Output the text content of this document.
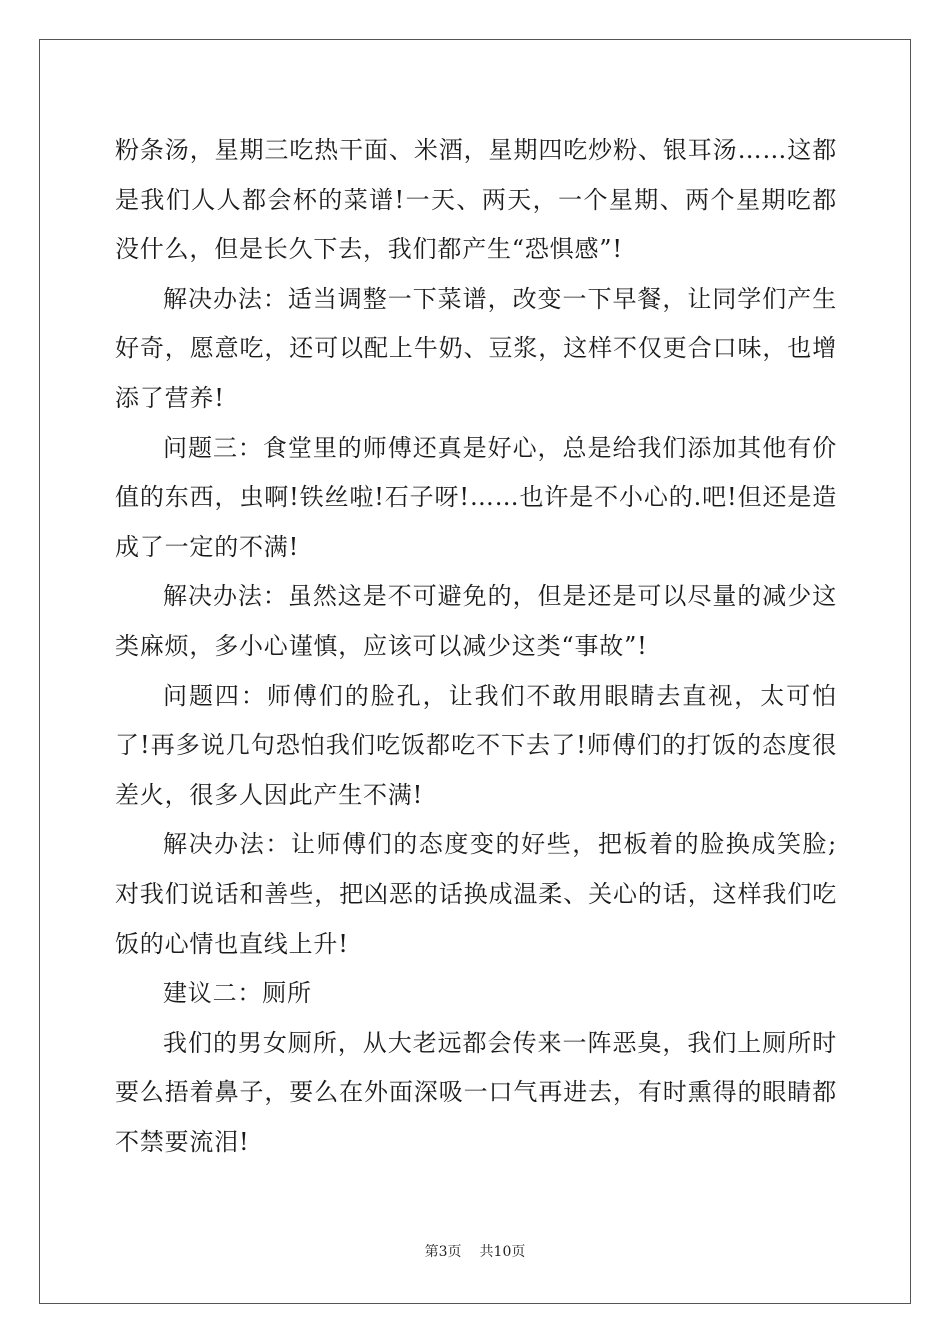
粉条汤，星期三吃热干面、米酒，星期四吃炒粉、银耳汤……这都是我们人人都会杯的菜谱!一天、两天，一个星期、两个星期吃都没什么，但是长久下去，我们都产生“恐惧感”!

解决办法：适当调整一下菜谱，改变一下早餐，让同学们产生好奇，愿意吃，还可以配上牛奶、豆浆，这样不仅更合口味，也增添了营养!

问题三：食堂里的师傅还真是好心，总是给我们添加其他有价值的东西，虫啊!铁丝啦!石子呀!……也许是不小心的.吧!但还是造成了一定的不满!

解决办法：虽然这是不可避免的，但是还是可以尽量的减少这类麻烦，多小心谨慎，应该可以减少这类“事故”!

问题四：师傅们的脸孔，让我们不敢用眼睛去直视，太可怕了!再多说几句恐怕我们吃饭都吃不下去了!师傅们的打饭的态度很差火，很多人因此产生不满!

解决办法：让师傅们的态度变的好些，把板着的脸换成笑脸;对我们说话和善些，把凶恶的话换成温柔、关心的话，这样我们吃饭的心情也直线上升!

建议二：厕所

我们的男女厕所，从大老远都会传来一阵恶臭，我们上厕所时要么捂着鼻子，要么在外面深吸一口气再进去，有时熏得的眼睛都不禁要流泪!

第3页 共10页
